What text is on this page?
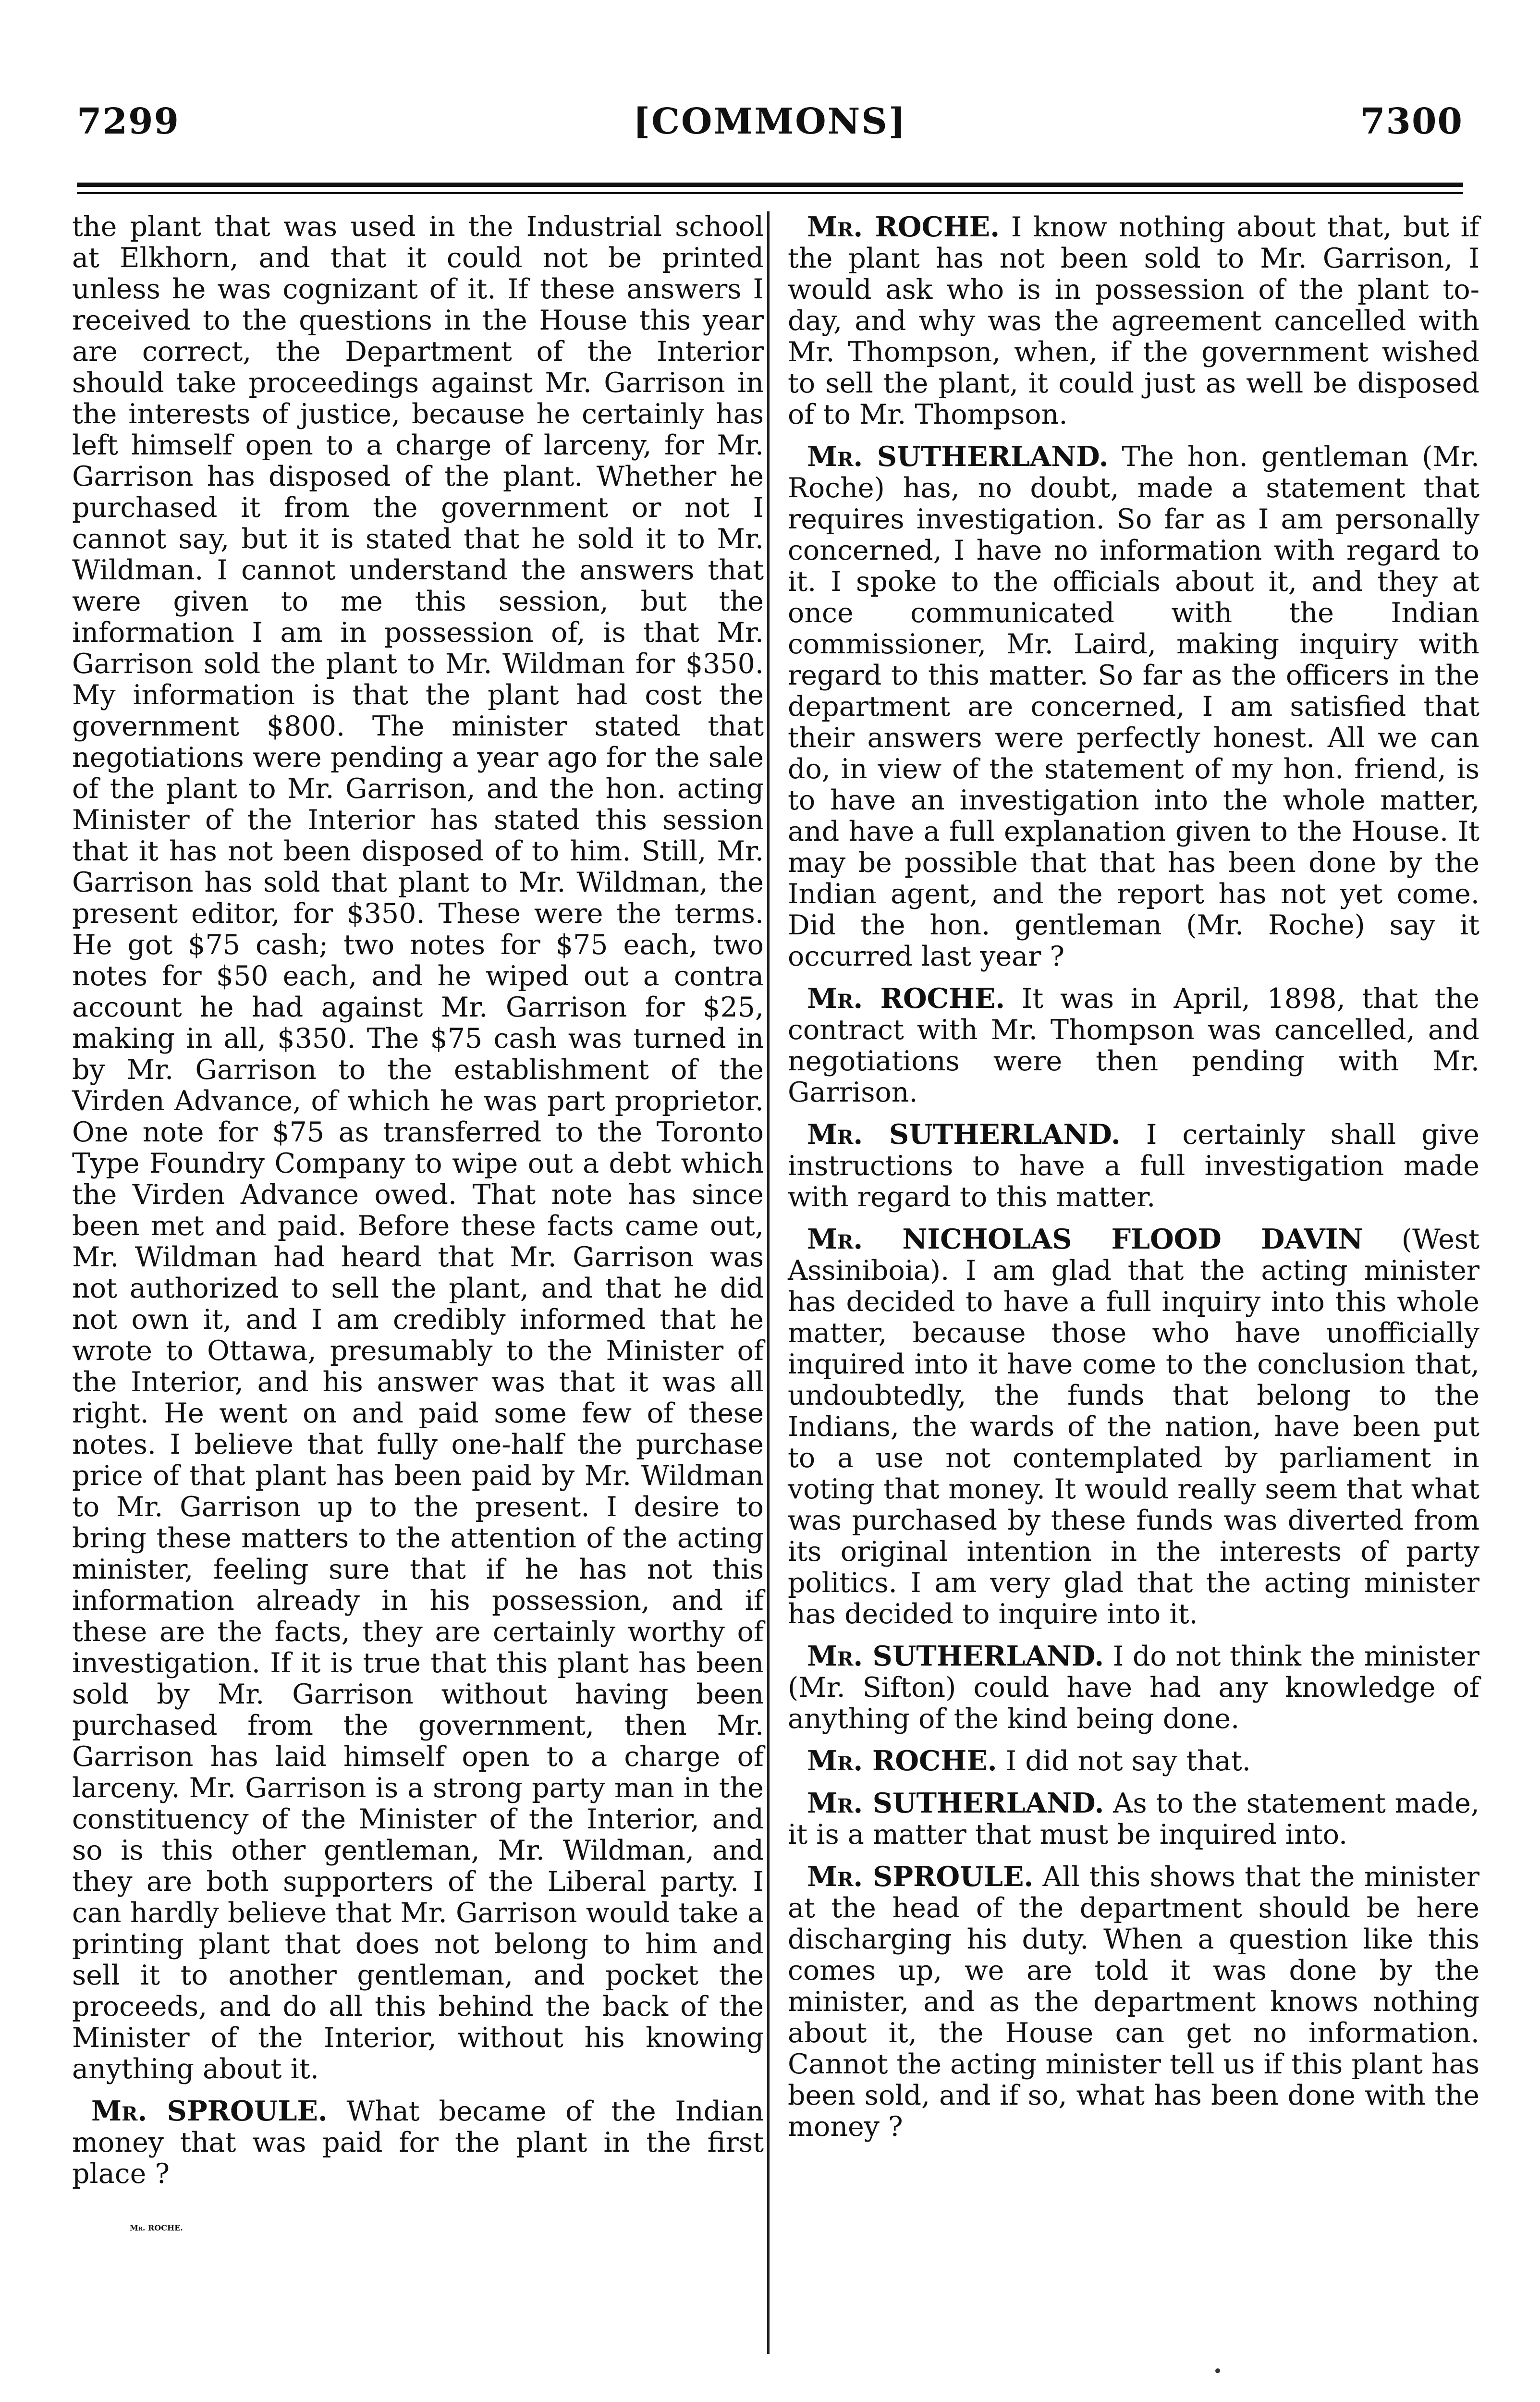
7299	[COMMONS]	7300

the plant that was used in the Industrial school at Elkhorn, and that it could not be printed unless he was cognizant of it. If these answers I received to the questions in the House this year are correct, the Department of the Interior should take proceedings against Mr. Garrison in the interests of justice, because he certainly has left himself open to a charge of larceny, for Mr. Garrison has disposed of the plant. Whether he purchased it from the government or not I cannot say, but it is stated that he sold it to Mr. Wildman. I cannot understand the answers that were given to me this session, but the information I am in possession of, is that Mr. Garrison sold the plant to Mr. Wildman for $350. My information is that the plant had cost the government $800. The minister stated that negotiations were pending a year ago for the sale of the plant to Mr. Garrison, and the hon. acting Minister of the Interior has stated this session that it has not been disposed of to him. Still, Mr. Garrison has sold that plant to Mr. Wildman, the present editor, for $350. These were the terms. He got $75 cash; two notes for $75 each, two notes for $50 each, and he wiped out a contra account he had against Mr. Garrison for $25, making in all, $350. The $75 cash was turned in by Mr. Garrison to the establishment of the Virden Advance, of which he was part proprietor. One note for $75 as transferred to the Toronto Type Foundry Company to wipe out a debt which the Virden Advance owed. That note has since been met and paid. Before these facts came out, Mr. Wildman had heard that Mr. Garrison was not authorized to sell the plant, and that he did not own it, and I am credibly informed that he wrote to Ottawa, presumably to the Minister of the Interior, and his answer was that it was all right. He went on and paid some few of these notes. I believe that fully one-half the purchase price of that plant has been paid by Mr. Wildman to Mr. Garrison up to the present. I desire to bring these matters to the attention of the acting minister, feeling sure that if he has not this information already in his possession, and if these are the facts, they are certainly worthy of investigation. If it is true that this plant has been sold by Mr. Garrison without having been purchased from the government, then Mr. Garrison has laid himself open to a charge of larceny. Mr. Garrison is a strong party man in the constituency of the Minister of the Interior, and so is this other gentleman, Mr. Wildman, and they are both supporters of the Liberal party. I can hardly believe that Mr. Garrison would take a printing plant that does not belong to him and sell it to another gentleman, and pocket the proceeds, and do all this behind the back of the Minister of the Interior, without his knowing anything about it.

Mr. SPROULE. What became of the Indian money that was paid for the plant in the first place ?

Mr. ROCHE.

Mr. ROCHE. I know nothing about that, but if the plant has not been sold to Mr. Garrison, I would ask who is in possession of the plant to-day, and why was the agreement cancelled with Mr. Thompson, when, if the government wished to sell the plant, it could just as well be disposed of to Mr. Thompson.

Mr. SUTHERLAND. The hon. gentleman (Mr. Roche) has, no doubt, made a statement that requires investigation. So far as I am personally concerned, I have no information with regard to it. I spoke to the officials about it, and they at once communicated with the Indian commissioner, Mr. Laird, making inquiry with regard to this matter. So far as the officers in the department are concerned, I am satisfied that their answers were perfectly honest. All we can do, in view of the statement of my hon. friend, is to have an investigation into the whole matter, and have a full explanation given to the House. It may be possible that that has been done by the Indian agent, and the report has not yet come. Did the hon. gentleman (Mr. Roche) say it occurred last year ?

Mr. ROCHE. It was in April, 1898, that the contract with Mr. Thompson was cancelled, and negotiations were then pending with Mr. Garrison.

Mr. SUTHERLAND. I certainly shall give instructions to have a full investigation made with regard to this matter.

Mr. NICHOLAS FLOOD DAVIN (West Assiniboia). I am glad that the acting minister has decided to have a full inquiry into this whole matter, because those who have unofficially inquired into it have come to the conclusion that, undoubtedly, the funds that belong to the Indians, the wards of the nation, have been put to a use not contemplated by parliament in voting that money. It would really seem that what was purchased by these funds was diverted from its original intention in the interests of party politics. I am very glad that the acting minister has decided to inquire into it.

Mr. SUTHERLAND. I do not think the minister (Mr. Sifton) could have had any knowledge of anything of the kind being done.

Mr. ROCHE. I did not say that.

Mr. SUTHERLAND. As to the statement made, it is a matter that must be inquired into.

Mr. SPROULE. All this shows that the minister at the head of the department should be here discharging his duty. When a question like this comes up, we are told it was done by the minister, and as the department knows nothing about it, the House can get no information. Cannot the acting minister tell us if this plant has been sold, and if so, what has been done with the money ?
